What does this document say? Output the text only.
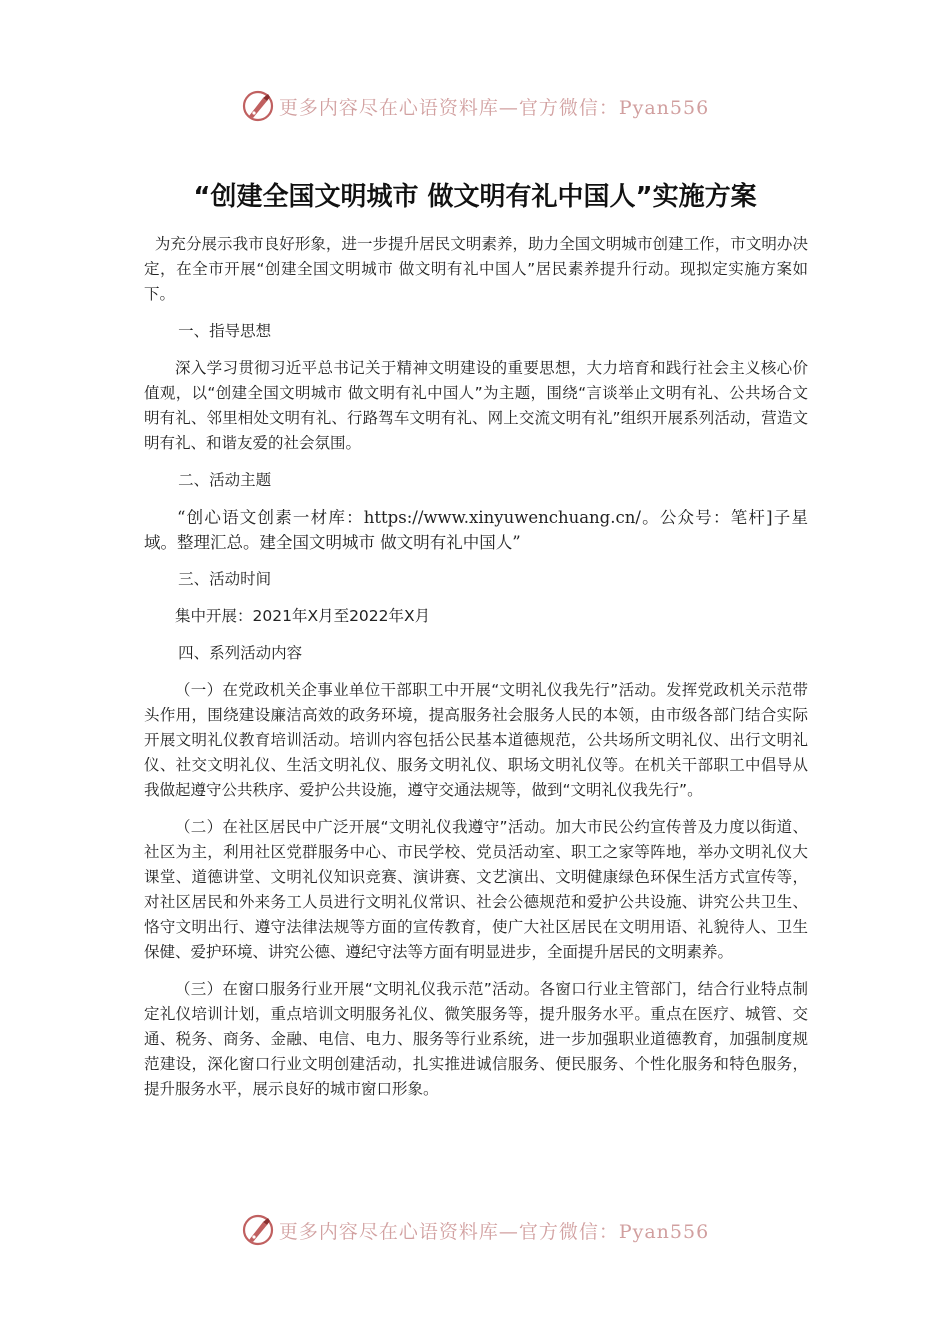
更多内容尽在心语资料库—官方微信：Pyan556
“创建全国文明城市 做文明有礼中国人”实施方案

为充分展示我市良好形象，进一步提升居民文明素养，助力全国文明城市创建工作，市文明办决定，在全市开展“创建全国文明城市 做文明有礼中国人”居民素养提升行动。现拟定实施方案如下。

一、指导思想

深入学习贯彻习近平总书记关于精神文明建设的重要思想，大力培育和践行社会主义核心价值观，以“创建全国文明城市 做文明有礼中国人”为主题，围绕“言谈举止文明有礼、公共场合文明有礼、邻里相处文明有礼、行路驾车文明有礼、网上交流文明有礼”组织开展系列活动，营造文明有礼、和谐友爱的社会氛围。

二、活动主题

“创心语文创素一材库：https://www.xinyuwenchuang.cn/。公众号：笔杆]子星域。整理汇总。建全国文明城市 做文明有礼中国人”

三、活动时间

集中开展：2021年X月至2022年X月

四、系列活动内容

（一）在党政机关企事业单位干部职工中开展“文明礼仪我先行”活动。发挥党政机关示范带头作用，围绕建设廉洁高效的政务环境，提高服务社会服务人民的本领，由市级各部门结合实际开展文明礼仪教育培训活动。培训内容包括公民基本道德规范，公共场所文明礼仪、出行文明礼仪、社交文明礼仪、生活文明礼仪、服务文明礼仪、职场文明礼仪等。在机关干部职工中倡导从我做起遵守公共秩序、爱护公共设施，遵守交通法规等，做到“文明礼仪我先行”。

（二）在社区居民中广泛开展“文明礼仪我遵守”活动。加大市民公约宣传普及力度以街道、社区为主，利用社区党群服务中心、市民学校、党员活动室、职工之家等阵地，举办文明礼仪大课堂、道德讲堂、文明礼仪知识竞赛、演讲赛、文艺演出、文明健康绿色环保生活方式宣传等，对社区居民和外来务工人员进行文明礼仪常识、社会公德规范和爱护公共设施、讲究公共卫生、恪守文明出行、遵守法律法规等方面的宣传教育，使广大社区居民在文明用语、礼貌待人、卫生保健、爱护环境、讲究公德、遵纪守法等方面有明显进步，全面提升居民的文明素养。

（三）在窗口服务行业开展“文明礼仪我示范”活动。各窗口行业主管部门，结合行业特点制定礼仪培训计划，重点培训文明服务礼仪、微笑服务等，提升服务水平。重点在医疗、城管、交通、税务、商务、金融、电信、电力、服务等行业系统，进一步加强职业道德教育，加强制度规范建设，深化窗口行业文明创建活动，扎实推进诚信服务、便民服务、个性化服务和特色服务，提升服务水平，展示良好的城市窗口形象。

更多内容尽在心语资料库—官方微信：Pyan556
